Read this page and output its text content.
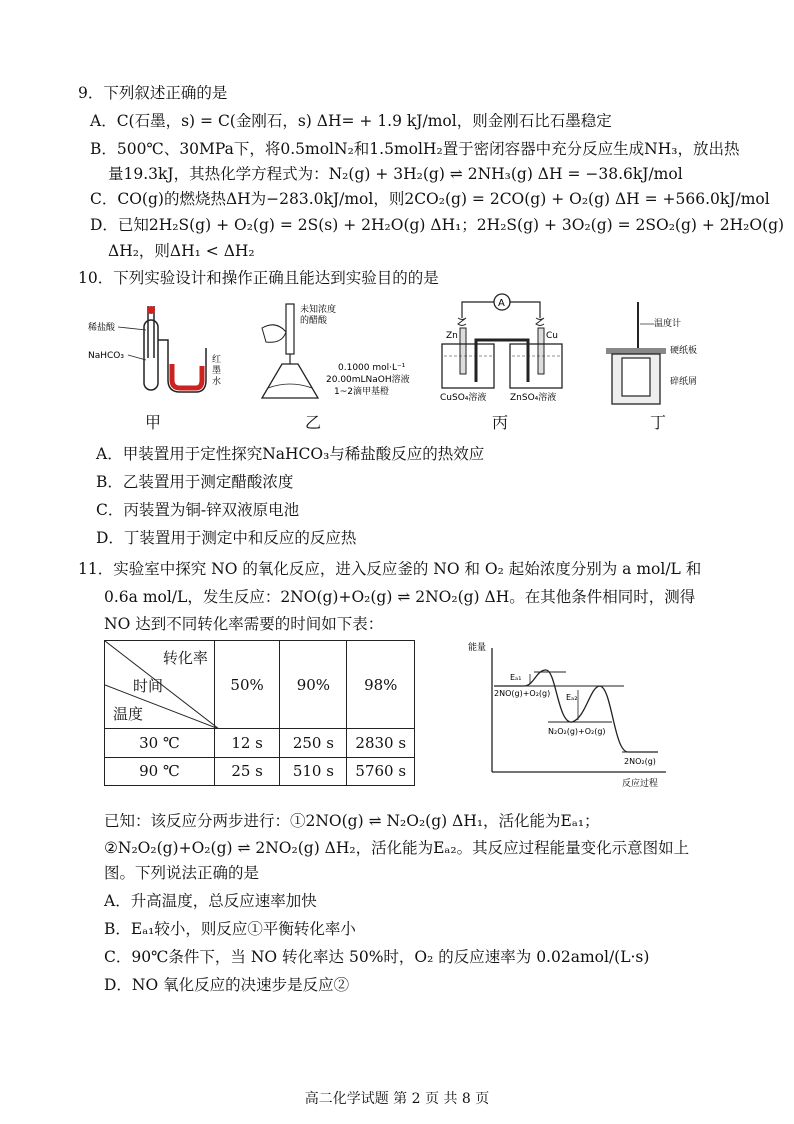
9．下列叙述正确的是
A．C(石墨，s) = C(金刚石，s) ΔH= + 1.9 kJ/mol，则金刚石比石墨稳定
B．500℃、30MPa下，将0.5molN₂和1.5molH₂置于密闭容器中充分反应生成NH₃，放出热
量19.3kJ，其热化学方程式为：N₂(g) + 3H₂(g) ⇌ 2NH₃(g) ΔH = −38.6kJ/mol
C．CO(g)的燃烧热ΔH为−283.0kJ/mol，则2CO₂(g) = 2CO(g) + O₂(g) ΔH = +566.0kJ/mol
D．已知2H₂S(g) + O₂(g) = 2S(s) + 2H₂O(g) ΔH₁；2H₂S(g) + 3O₂(g) = 2SO₂(g) + 2H₂O(g)
ΔH₂，则ΔH₁ < ΔH₂
10．下列实验设计和操作正确且能达到实验目的的是
稀盐酸
NaHCO₃	红
墨
水
甲
未知浓度
的醋酸
0.1000 mol·L⁻¹
20.00mLNaOH溶液
1~2滴甲基橙
乙
A
Zn	Cu
CuSO₄溶液	ZnSO₄溶液
丙
温度计
硬纸板
碎纸屑
丁
A．甲装置用于定性探究NaHCO₃与稀盐酸反应的热效应
B．乙装置用于测定醋酸浓度
C．丙装置为铜-锌双液原电池
D．丁装置用于测定中和反应的反应热
11．实验室中探究 NO 的氧化反应，进入反应釜的 NO 和 O₂ 起始浓度分别为 a mol/L 和
0.6a mol/L，发生反应：2NO(g)+O₂(g) ⇌ 2NO₂(g) ΔH。在其他条件相同时，测得
NO 达到不同转化率需要的时间如下表：
转化率
时间
温度	50%	90%	98%
30 ℃	12 s	250 s	2830 s
90 ℃	25 s	510 s	5760 s
能量
反应过程
Eₐ₁
Eₐ₂
2NO(g)+O₂(g)
N₂O₂(g)+O₂(g)
2NO₂(g)
已知：该反应分两步进行：①2NO(g) ⇌ N₂O₂(g) ΔH₁，活化能为Eₐ₁；
②N₂O₂(g)+O₂(g) ⇌ 2NO₂(g) ΔH₂，活化能为Eₐ₂。其反应过程能量变化示意图如上
图。下列说法正确的是
A．升高温度，总反应速率加快
B．Eₐ₁较小，则反应①平衡转化率小
C．90℃条件下，当 NO 转化率达 50%时，O₂ 的反应速率为 0.02amol/(L·s)
D．NO 氧化反应的决速步是反应②
高二化学试题 第 2 页 共 8 页
